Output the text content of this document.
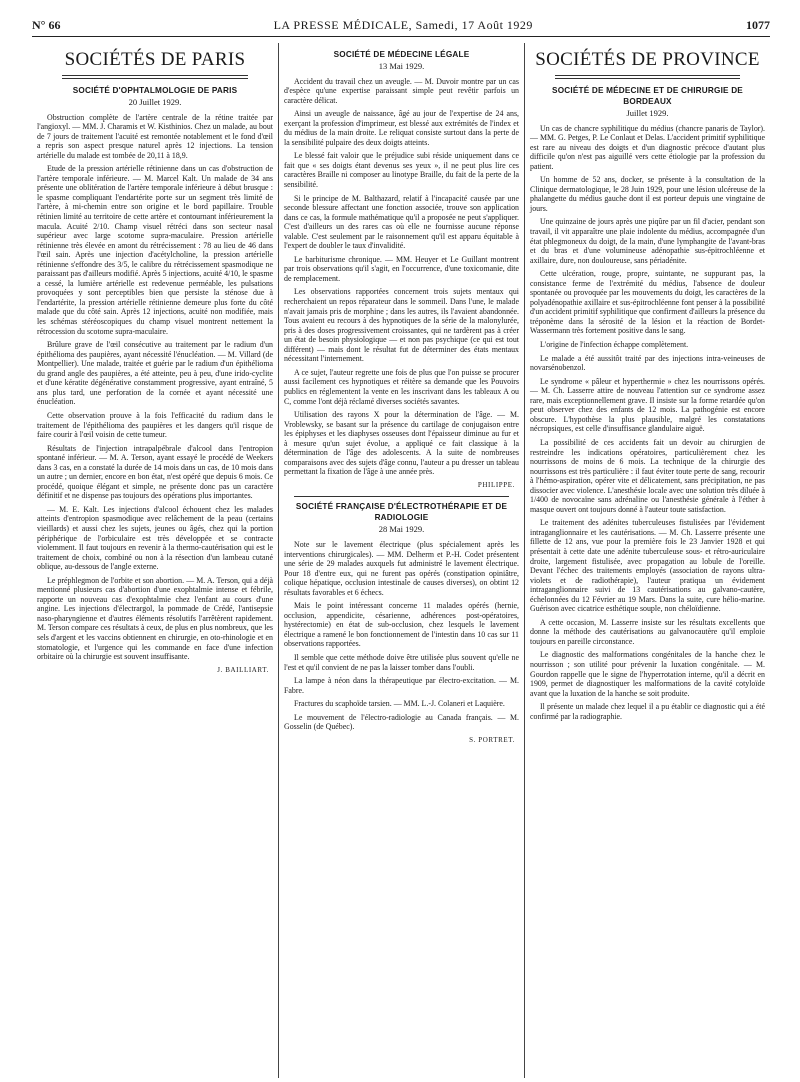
N° 66	LA PRESSE MÉDICALE, Samedi, 17 Août 1929	1077
SOCIÉTÉS DE PARIS
SOCIÉTÉ D'OPHTALMOLOGIE DE PARIS
20 Juillet 1929.

Obstruction complète de l'artère centrale de la rétine traitée par l'angioxyl. — MM. J. Charamis et W. Kisthinios. Chez un malade, au bout de 7 jours de traitement l'acuité est remontée notablement et le fond d'œil a repris son aspect presque naturel après 12 injections. La tension artérielle du malade est tombée de 20,11 à 18,9.

Etude de la pression artérielle rétinienne dans un cas d'obstruction de l'artère temporale inférieure. — M. Marcel Kalt. Un malade de 34 ans présente une oblitération de l'artère temporale inférieure à début brusque : le spasme compliquant l'endartérite porte sur un segment très limité de l'artère, à mi-chemin entre son origine et le bord papillaire. Trouble rétinien limité au territoire de cette artère et contournant inférieurement la macula. Acuité 2/10. Champ visuel rétréci dans son secteur nasal supérieur avec large scotome supra-maculaire. Pression artérielle rétinienne très élevée en amont du rétrécissement : 78 au lieu de 46 dans l'œil sain. Après une injection d'acétylcholine, la pression artérielle rétinienne s'effondre des 3/5, le calibre du rétrécissement spasmodique ne paraissant pas d'ailleurs modifié. Après 5 injections, acuité 4/10, le spasme a cessé, la lumière artérielle est redevenue perméable, les pulsations provoquées y sont perceptibles bien que persiste la sténose due à l'endartérite, la pression artérielle rétinienne demeure plus forte du côté malade que du côté sain. Après 12 injections, acuité non modifiée, mais les schémas stéréoscopiques du champ visuel montrent nettement la rétrocession du scotome supra-maculaire.

Brûlure grave de l'œil consécutive au traitement par le radium d'un épithélioma des paupières, ayant nécessité l'énucléation. — M. Villard (de Montpellier). Une malade, traitée et guérie par le radium d'un épithélioma du grand angle des paupières, a été atteinte, peu à peu, d'une irido-cyclite et d'une kératite dégénérative constamment progressive, ayant entraîné, 5 ans plus tard, une perforation de la cornée et ayant nécessité une énucléation.

Cette observation prouve à la fois l'efficacité du radium dans le traitement de l'épithélioma des paupières et les dangers qu'il risque de faire courir à l'œil voisin de cette tumeur.

Résultats de l'injection intrapalpébrale d'alcool dans l'entropion spontané inférieur. — M. A. Terson, ayant essayé le procédé de Weekers dans 3 cas, en a constaté la durée de 14 mois dans un cas, de 10 mois dans un autre ; un dernier, encore en bon état, n'est opéré que depuis 6 mois. Ce procédé, quoique élégant et simple, ne présente donc pas un caractère définitif et ne dispense pas toujours des opérations plus importantes.

— M. E. Kalt. Les injections d'alcool échouent chez les malades atteints d'entropion spasmodique avec relâchement de la peau (certains vieillards) et aussi chez les sujets, jeunes ou âgés, chez qui la portion périphérique de l'orbiculaire est très développée et se contracte violemment. Il faut toujours en revenir à la thermo-cautérisation qui est le traitement de choix, combiné ou non à la résection d'un lambeau cutané oblique, au-dessous de l'angle externe.

Le préphlegmon de l'orbite et son abortion. — M. A. Terson, qui a déjà mentionné plusieurs cas d'abortion d'une exophtalmie intense et fébrile, rapporte un nouveau cas d'exophtalmie chez l'enfant au cours d'une angine. Les injections d'électrargol, la pommade de Crédé, l'antisepsie naso-pharyngienne et d'autres éléments résolutifs l'arrêtèrent rapidement. M. Terson compare ces résultats à ceux, de plus en plus nombreux, que les sels d'argent et les vaccins obtiennent en chirurgie, en oto-rhinologie et en stomatologie, et l'urgence qui les commande en face d'une infection orbitaire où la chirurgie est souvent insuffisante.

J. BAILLIART.
SOCIÉTÉ DE MÉDECINE LÉGALE
13 Mai 1929.

Accident du travail chez un aveugle. — M. Duvoir montre par un cas d'espèce qu'une expertise paraissant simple peut revêtir parfois un caractère délicat.

Ainsi un aveugle de naissance, âgé au jour de l'expertise de 24 ans, exerçant la profession d'imprimeur, est blessé aux extrémités de l'index et du médius de la main droite. Le reliquat consiste surtout dans la perte de la sensibilité pulpaire des deux doigts atteints.

Le blessé fait valoir que le préjudice subi réside uniquement dans ce fait que « ses doigts étant devenus ses yeux », il ne peut plus lire ces caractères Braille ni composer au linotype Braille, du fait de la perte de la sensibilité.

Si le principe de M. Balthazard, relatif à l'incapacité causée par une seconde blessure affectant une fonction associée, trouve son application dans ce cas, la formule mathématique qu'il a proposée ne peut s'appliquer. C'est d'ailleurs un des rares cas où elle ne fournisse aucune réponse valable. C'est seulement par le raisonnement qu'il est apparu équitable à l'expert de doubler le taux d'invalidité.

Le barbiturisme chronique. — MM. Heuyer et Le Guillant montrent par trois observations qu'il s'agit, en l'occurrence, d'une toxicomanie, dite de remplacement.

Les observations rapportées concernent trois sujets mentaux qui recherchaient un repos réparateur dans le sommeil. Dans l'une, le malade n'avait jamais pris de morphine ; dans les autres, ils l'avaient abandonnée. Tous avaient eu recours à des hypnotiques de la série de la malonylurée, pris à des doses progressivement croissantes, qui ne tardèrent pas à créer un état de besoin physiologique — et non pas psychique (ce qui est tout différent) — mais dont le résultat fut de déterminer des états mentaux nécessitant l'internement.

A ce sujet, l'auteur regrette une fois de plus que l'on puisse se procurer aussi facilement ces hypnotiques et réitère sa demande que les Pouvoirs publics en réglementent la vente en les inscrivant dans les tableaux A ou C, comme l'ont déjà réclamé diverses sociétés savantes.

Utilisation des rayons X pour la détermination de l'âge. — M. Vroblewsky, se basant sur la présence du cartilage de conjugaison entre les épiphyses et les diaphyses osseuses dont l'épaisseur diminue au fur et à mesure qu'un sujet évolue, a appliqué ce fait classique à la détermination de l'âge des adolescents. A la suite de nombreuses comparaisons avec des sujets d'âge connu, l'auteur a pu dresser un tableau permettant la fixation de l'âge à une année près.

PHILIPPE.
SOCIÉTÉ FRANÇAISE D'ÉLECTROTHÉRAPIE ET DE RADIOLOGIE
28 Mai 1929.

Note sur le lavement électrique (plus spécialement après les interventions chirurgicales). — MM. Delherm et P.-H. Codet présentent une série de 29 malades auxquels fut administré le lavement électrique. Pour 18 d'entre eux, qui ne furent pas opérés (constipation opiniâtre, colique hépatique, occlusion intestinale de causes diverses), on obtint 12 résultats favorables et 6 échecs.

Mais le point intéressant concerne 11 malades opérés (hernie, occlusion, appendicite, césarienne, adhérences post-opératoires, hystérectomie) en état de sub-occlusion, chez lesquels le lavement électrique a ramené le bon fonctionnement de l'intestin dans 10 cas sur 11 observations rapportées.

Il semble que cette méthode doive être utilisée plus souvent qu'elle ne l'est et qu'il convient de ne pas la laisser tomber dans l'oubli.

La lampe à néon dans la thérapeutique par électro-excitation. — M. Fabre.

Fractures du scaphoïde tarsien. — MM. L.-J. Colaneri et Laquière.

Le mouvement de l'électro-radiologie au Canada français. — M. Gosselin (de Québec).

S. PORTRET.
SOCIÉTÉS DE PROVINCE
SOCIÉTÉ DE MÉDECINE ET DE CHIRURGIE DE BORDEAUX
Juillet 1929.

Un cas de chancre syphilitique du médius (chancre panaris de Taylor). — MM. G. Petges, P. Le Conlaut et Delas. L'accident primitif syphilitique est rare au niveau des doigts et d'un diagnostic précoce d'autant plus difficile qu'on n'est pas aiguillé vers cette étiologie par la profession du patient.

Un homme de 52 ans, docker, se présente à la consultation de la Clinique dermatologique, le 28 Juin 1929, pour une lésion ulcéreuse de la phalangette du médius gauche dont il est porteur depuis une vingtaine de jours.

Une quinzaine de jours après une piqûre par un fil d'acier, pendant son travail, il vit apparaître une plaie indolente du médius, accompagnée d'un état phlegmoneux du doigt, de la main, d'une lymphangite de l'avant-bras et du bras et d'une volumineuse adénopathie sus-épitrochléenne et axillaire, dure, non douloureuse, sans périadénite.

Cette ulcération, rouge, propre, suintante, ne suppurant pas, la consistance ferme de l'extrémité du médius, l'absence de douleur spontanée ou provoquée par les mouvements du doigt, les caractères de la polyadénopathie axillaire et sus-épitrochléenne font penser à la possibilité d'un accident primitif syphilitique que confirment d'ailleurs la présence du tréponème dans la sérosité de la lésion et la réaction de Bordet-Wassermann très fortement positive dans le sang.

L'origine de l'infection échappe complètement.

Le malade a été aussitôt traité par des injections intra-veineuses de novarsénobenzol.

Le syndrome « pâleur et hyperthermie » chez les nourrissons opérés. — M. Ch. Lasserre attire de nouveau l'attention sur ce syndrome assez rare, mais exceptionnellement grave. Il insiste sur la forme retardée qu'on peut observer chez des enfants de 12 mois. La pathogénie est encore obscure. L'hypothèse la plus plausible, malgré les constatations nécropsiques, est celle d'insuffisance glandulaire aiguë.

La possibilité de ces accidents fait un devoir au chirurgien de restreindre les indications opératoires, particulièrement chez les nourrissons de moins de 6 mois. La technique de la chirurgie des nourrissons est très particulière : il faut éviter toute perte de sang, recourir à l'hémo-aspiration, opérer vite et délicatement, sans précipitation, ne pas dissocier avec violence. L'anesthésie locale avec une solution très diluée à 1/400 de novocaïne sans adrénaline ou l'anesthésie générale à l'éther à masque ouvert ont toujours donné à l'auteur toute satisfaction.

Le traitement des adénites tuberculeuses fistulisées par l'évidement intraganglionnaire et les cautérisations. — M. Ch. Lasserre présente une fillette de 12 ans, vue pour la première fois le 23 Janvier 1928 et qui présentait à cette date une adénite tuberculeuse sous- et rétro-auriculaire droite, largement fistulisée, avec propagation au lobule de l'oreille. Devant l'échec des traitements employés (association de rayons ultra-violets et de radiothérapie), l'auteur pratiqua un évidement intraganglionnaire suivi de 13 cautérisations au galvano-cautère, échelonnées du 12 Février au 19 Mars. Dans la suite, cure hélio-marine. Guérison avec cicatrice esthétique souple, non chéloïdienne.

A cette occasion, M. Lasserre insiste sur les résultats excellents que donne la méthode des cautérisations au galvanocautère qu'il emploie toujours en pareille circonstance.

Le diagnostic des malformations congénitales de la hanche chez le nourrisson ; son utilité pour prévenir la luxation congénitale. — M. Gourdon rappelle que le signe de l'hyperrotation interne, qu'il a décrit en 1909, permet de diagnostiquer les malformations de la cavité cotyloïde avant que la luxation de la hanche se soit produite.

Il présente un malade chez lequel il a pu établir ce diagnostic qui a été confirmé par la radiographie.
